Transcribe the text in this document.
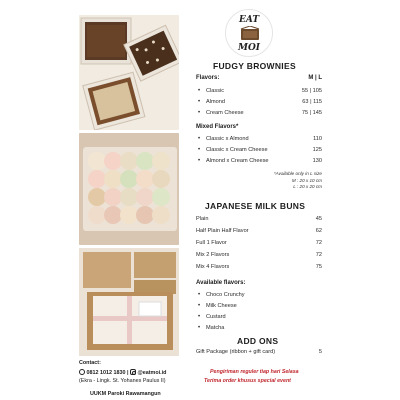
EAT
MOI
FUDGY BROWNIES
Flavors:	M | L
• Classic	55 | 105
• Almond	63 | 115
• Cream Cheese	75 | 145
Mixed Flavors*
• Classic x Almond	110
• Classic x Cream Cheese	125
• Almond x Cream Cheese	130
*Available only in L size
M : 20 x 10 cm
L : 20 x 20 cm
JAPANESE MILK BUNS
Plain	45
Half Plain Half Flavor	62
Full 1 Flavor	72
Mix 2 Flavors	72
Mix 4 Flavors	75
Available flavors:
• Choco Crunchy
• Milk Cheese
• Custard
• Matcha
ADD ONS
Gift Package (ribbon + gift card)	5
Pengiriman reguler tiap hari Selasa
Terima order khusus special event
Contact:
0812 1012 1830 | @eatmoi.id
(Ekra - Lingk. St. Yohanes Paulus II)
UUKM Paroki Rawamangun
